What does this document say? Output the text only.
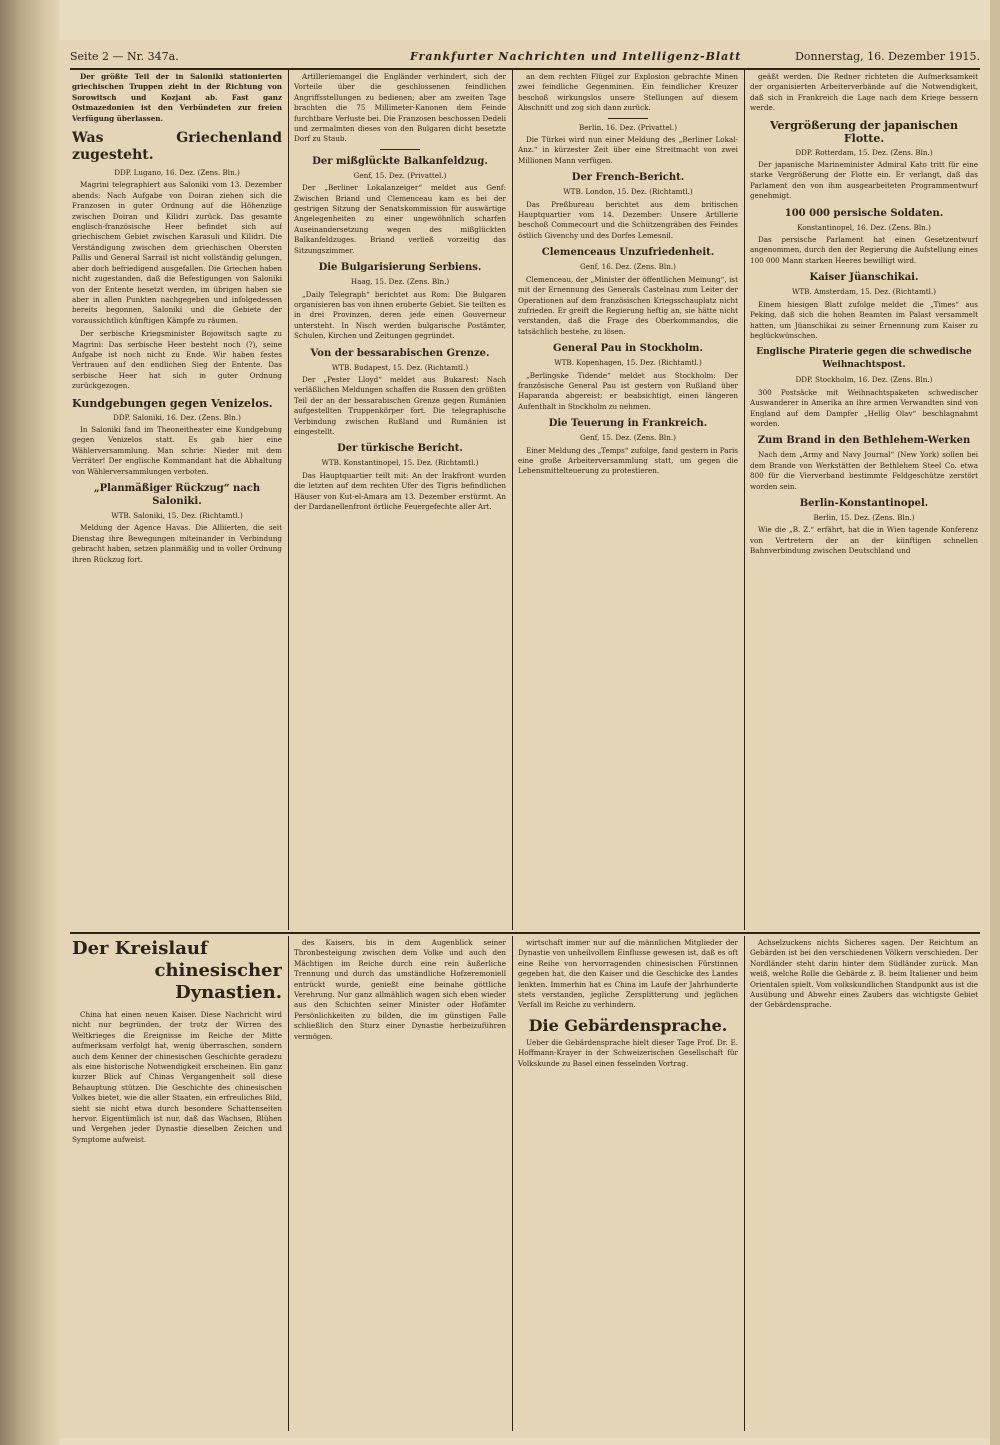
Seite 2 — Nr. 347a.	Frankfurter Nachrichten und Intelligenz-Blatt	Donnerstag, 16. Dezember 1915.

Der größte Teil der in Saloniki stationierten griechischen Truppen zieht in der Richtung von Sorowitsch und Kozjani ab. Fast ganz Ostmazedonien ist den Verbündeten zur freien Verfügung überlassen.

Was Griechenland zugesteht.
DDP. Lugano, 16. Dez. (Zens. Bln.)

Magrini telegraphiert aus Saloniki vom 13. Dezember abends: Nach Aufgabe von Doiran ziehen sich die Franzosen in guter Ordnung auf die Höhenzüge zwischen Doiran und Kilidri zurück. Das gesamte englisch-französische Heer befindet sich auf griechischem Gebiet zwischen Karasuli und Kilidri. Die Verständigung zwischen dem griechischen Obersten Pallis und General Sarrail ist nicht vollständig gelungen, aber doch befriedigend ausgefallen. Die Griechen haben nicht zugestanden, daß die Befestigungen von Saloniki von der Entente besetzt werden, im übrigen haben sie aber in allen Punkten nachgegeben und infolgedessen bereits begonnen, Saloniki und die Gebiete der voraussichtlich künftigen Kämpfe zu räumen.

Der serbische Kriegsminister Bojowitsch sagte zu Magrini: Das serbische Heer besteht noch (?), seine Aufgabe ist noch nicht zu Ende. Wir haben festes Vertrauen auf den endlichen Sieg der Entente. Das serbische Heer hat sich in guter Ordnung zurückgezogen.

Kundgebungen gegen Venizelos.
DDP. Saloniki, 16. Dez. (Zens. Bln.)

In Saloniki fand im Theoneitheater eine Kundgebung gegen Venizelos statt. Es gab hier eine Wählerversammlung. Man schrie: Nieder mit dem Verräter! Der englische Kommandant hat die Abhaltung von Wählerversammlungen verboten.

„Planmäßiger Rückzug“ nach Saloniki.
WTB. Saloniki, 15. Dez. (Richtamtl.)

Meldung der Agence Havas. Die Alliierten, die seit Dienstag ihre Bewegungen miteinander in Verbindung gebracht haben, setzen planmäßig und in voller Ordnung ihren Rückzug fort.

Artilleriemangel die Engländer verhindert, sich der Vorteile über die geschlossenen feindlichen Angriffsstellungen zu bedienen; aber am zweiten Tage brachten die 75 Millimeter-Kanonen dem Feinde furchtbare Verluste bei. Die Franzosen beschossen Dedeli und zermalmten dieses von den Bulgaren dicht besetzte Dorf zu Staub.

Der mißglückte Balkanfeldzug.
Genf, 15. Dez. (Privattel.)

Der „Berliner Lokalanzeiger“ meldet aus Genf: Zwischen Briand und Clemenceau kam es bei der gestrigen Sitzung der Senatskommission für auswärtige Angelegenheiten zu einer ungewöhnlich scharfen Auseinandersetzung wegen des mißglückten Balkanfeldzuges. Briand verließ vorzeitig das Sitzungszimmer.

Die Bulgarisierung Serbiens.
Haag, 15. Dez. (Zens. Bln.)

„Daily Telegraph“ berichtet aus Rom: Die Bulgaren organisieren bas von ihnen eroberte Gebiet. Sie teilten es in drei Provinzen, deren jede einen Gouverneur untersteht. In Nisch werden bulgarische Postämter, Schulen, Kirchen und Zeitungen gegründet.

Von der bessarabischen Grenze.
WTB. Budapest, 15. Dez. (Richtamtl.)

Der „Pester Lloyd“ meldet aus Bukarest: Nach verläßlichen Meldungen schaffen die Russen den größten Teil der an der bessarabischen Grenze gegen Rumänien aufgestellten Truppenkörper fort. Die telegraphische Verbindung zwischen Rußland und Rumänien ist eingestellt.

Der türkische Bericht.
WTB. Konstantinopel, 15. Dez. (Richtamtl.)

Das Hauptquartier teilt mit: An der Irakfront wurden die letzten auf dem rechten Ufer des Tigris befindlichen Häuser von Kut-el-Amara am 13. Dezember erstürmt. An der Dardanellenfront örtliche Feuergefechte aller Art.

an dem rechten Flügel zur Explosion gebrachte Minen zwei feindliche Gegenminen. Ein feindlicher Kreuzer beschoß wirkungslos unsere Stellungen auf diesem Abschnitt und zog sich dann zurück.

Berlin, 16. Dez. (Privattel.)

Die Türkei wird nun einer Meldung des „Berliner Lokal-Anz.“ in kürzester Zeit über eine Streitmacht von zwei Millionen Mann verfügen.

Der French-Bericht.
WTB. London, 15. Dez. (Richtamtl.)

Das Preßbureau berichtet aus dem britischen Hauptquartier vom 14. Dezember: Unsere Artillerie beschoß Commecourt und die Schützengräben des Feindes östlich Givenchy und des Dorfes Lemesnil.

Clemenceaus Unzufriedenheit.
Genf, 16. Dez. (Zens. Bln.)

Clemenceau, der „Minister der öffentlichen Meinung“, ist mit der Ernennung des Generals Castelnau zum Leiter der Operationen auf dem französischen Kriegsschauplatz nicht zufrieden. Er greift die Regierung heftig an, sie hätte nicht verstanden, daß die Frage des Oberkommandos, die tatsächlich bestehe, zu lösen.

General Pau in Stockholm.
WTB. Kopenhagen, 15. Dez. (Richtamtl.)

„Berlingske Tidende“ meldet aus Stockholm: Der französische General Pau ist gestern von Rußland über Haparanda abgereist; er beabsichtigt, einen längeren Aufenthalt in Stockholm zu nehmen.

Die Teuerung in Frankreich.
Genf, 15. Dez. (Zens. Bln.)

Einer Meldung des „Temps“ zufolge, fand gestern in Paris eine große Arbeiterversammlung statt, um gegen die Lebensmittelteuerung zu protestieren.

geäßt werden. Die Redner richteten die Aufmerksamkeit der organisierten Arbeiterverbände auf die Notwendigkeit, daß sich in Frankreich die Lage nach dem Kriege bessern werde.

Vergrößerung der japanischen Flotte.
DDP. Rotterdam, 15. Dez. (Zens. Bln.)

Der japanische Marineminister Admiral Kato tritt für eine starke Vergrößerung der Flotte ein. Er verlangt, daß das Parlament den von ihm ausgearbeiteten Programmentwurf genehmigt.

100 000 persische Soldaten.
Konstantinopel, 16. Dez. (Zens. Bln.)

Das persische Parlament hat einen Gesetzentwurf angenommen, durch den der Regierung die Aufstellung eines 100 000 Mann starken Heeres bewilligt wird.

Kaiser Jüanschikai.
WTB. Amsterdam, 15. Dez. (Richtamtl.)

Einem hiesigen Blatt zufolge meldet die „Times“ aus Peking, daß sich die hohen Beamten im Palast versammelt hatten, um Jüanschikai zu seiner Ernennung zum Kaiser zu beglückwünschen.

Englische Piraterie gegen die schwedische Weihnachtspost.
DDP. Stockholm, 16. Dez. (Zens. Bln.)

300 Postsäcke mit Weihnachtspaketen schwedischer Auswanderer in Amerika an ihre armen Verwandten sind von England auf dem Dampfer „Hellig Olav“ beschlagnahmt worden.

Zum Brand in den Bethlehem-Werken

Nach dem „Army and Navy Journal“ (New York) sollen bei dem Brande von Werkstätten der Bethlehem Steel Co. etwa 800 für die Vierverband bestimmte Feldgeschütze zerstört worden sein.

Berlin-Konstantinopel.
Berlin, 15. Dez. (Zens. Bln.)

Wie die „B. Z.“ erfährt, hat die in Wien tagende Konferenz von Vertretern der an der künftigen schnellen Bahnverbindung zwischen Deutschland und

Der Kreislauf
chinesischer Dynastien.

China hat einen neuen Kaiser. Diese Nachricht wird nicht nur begründen, der trotz der Wirren des Weltkrieges die Ereignisse im Reiche der Mitte aufmerksam verfolgt hat, wenig überraschen, sondern auch dem Kenner der chinesischen Geschichte geradezu als eine historische Notwendigkeit erscheinen. Ein ganz kurzer Blick auf Chinas Vergangenheit soll diese Behauptung stützen. Die Geschichte des chinesischen Volkes bietet, wie die aller Staaten, ein erfreuliches Bild, sieht sie nicht etwa durch besondere Schattenseiten hervor. Eigentümlich ist nur, daß das Wachsen, Blühen und Vergehen jeder Dynastie dieselben Zeichen und Symptome aufweist.

des Kaisers, bis in dem Augenblick seiner Thronbesteigung zwischen dem Volke und auch den Mächtigen im Reiche durch eine rein äußerliche Trennung und durch das umständliche Hofzeremoniell entrückt wurde, genießt eine beinahe göttliche Verehrung. Nur ganz allmählich wagen sich eben wieder aus den Schichten seiner Minister oder Hofämter Persönlichkeiten zu bilden, die im günstigen Falle schließlich den Sturz einer Dynastie herbeizuführen vermögen.

wirtschaft immer nur auf die männlichen Mitglieder der Dynastie von unheilvollem Einflusse gewesen ist, daß es oft eine Reihe von hervorragenden chinesischen Fürstinnen gegeben hat, die den Kaiser und die Geschicke des Landes lenkten. Immerhin hat es China im Laufe der Jahrhunderte stets verstanden, jegliche Zersplitterung und jeglichen Verfall im Reiche zu verhindern.

Die Gebärdensprache.

Ueber die Gebärdensprache hielt dieser Tage Prof. Dr. E. Hoffmann-Krayer in der Schweizerischen Gesellschaft für Volkskunde zu Basel einen fesselnden Vortrag.

Achselzuckens nichts Sicheres sagen. Der Reichtum an Gebärden ist bei den verschiedenen Völkern verschieden. Der Nordländer steht darin hinter dem Südländer zurück. Man weiß, welche Rolle die Gebärde z. B. beim Italiener und beim Orientalen spielt. Vom volkskundlichen Standpunkt aus ist die Ausübung und Abwehr eines Zaubers das wichtigste Gebiet der Gebärdensprache.
